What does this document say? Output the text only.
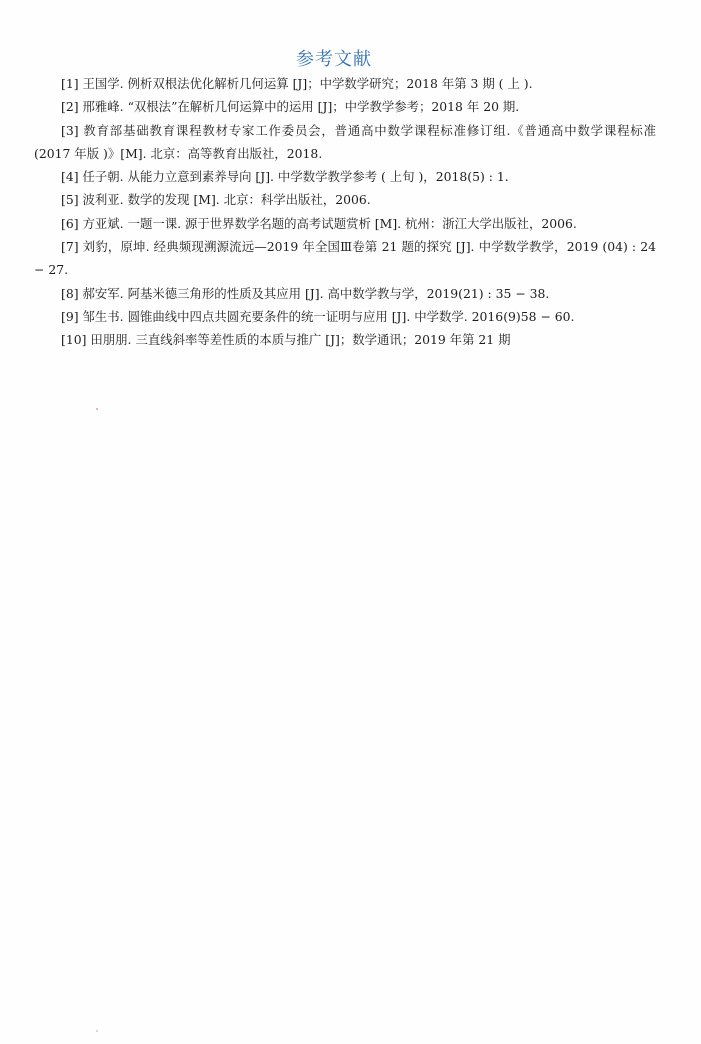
参考文献
[1] 王国学. 例析双根法优化解析几何运算 [J]；中学数学研究；2018 年第 3 期 ( 上 ).
[2] 邢雅峰. “双根法”在解析几何运算中的运用 [J]；中学教学参考；2018 年 20 期.
[3] 教育部基础教育课程教材专家工作委员会，普通高中数学课程标准修订组.《普通高中数学课程标准 (2017 年版 )》[M]. 北京：高等教育出版社，2018.
[4] 任子朝. 从能力立意到素养导向 [J]. 中学数学教学参考 ( 上旬 )，2018(5) : 1.
[5] 波利亚. 数学的发现 [M]. 北京：科学出版社，2006.
[6] 方亚斌. 一题一课. 源于世界数学名题的高考试题赏析 [M]. 杭州：浙江大学出版社，2006.
[7] 刘豹，原坤. 经典频现溯源流远—2019 年全国Ⅲ卷第 21 题的探究 [J]. 中学数学教学，2019 (04) : 24 − 27.
[8] 郝安军. 阿基米德三角形的性质及其应用 [J]. 高中数学教与学，2019(21) : 35 − 38.
[9] 邹生书. 圆锥曲线中四点共圆充要条件的统一证明与应用 [J]. 中学数学. 2016(9)58 − 60.
[10] 田朋朋. 三直线斜率等差性质的本质与推广 [J]；数学通讯；2019 年第 21 期
